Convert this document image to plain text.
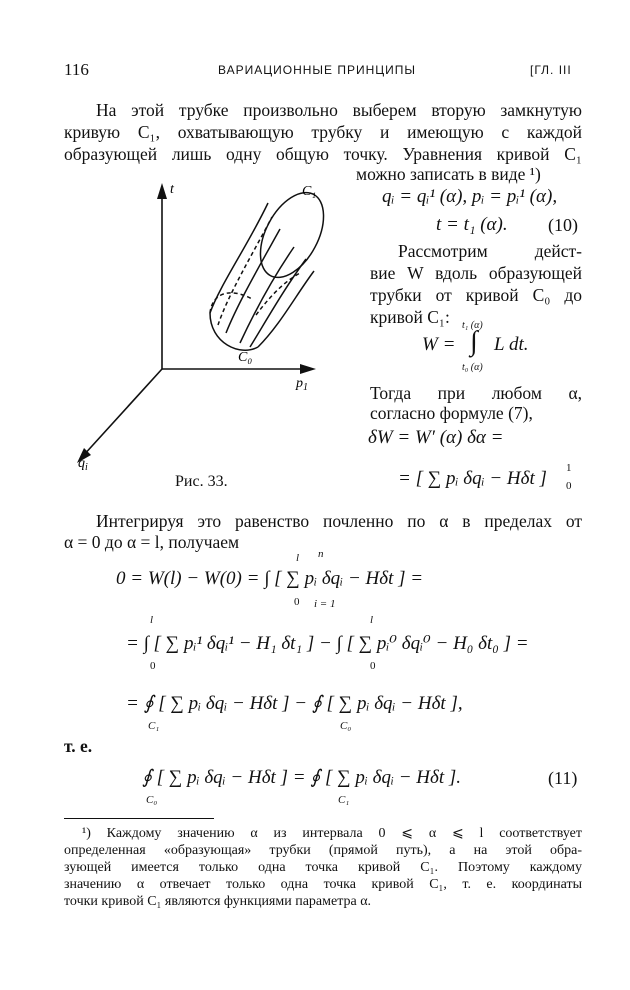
116	ВАРИАЦИОННЫЕ ПРИНЦИПЫ	[ГЛ. III
На этой трубке произвольно выберем вторую замкнутую
кривую C₁, охватывающую трубку и имеющую с каждой
образующей лишь одну общую точку. Уравнения кривой C₁
можно записать в виде ¹)
t
$p_1$
$q_i$
C₁
C₀
Рис. 33.
qᵢ = qᵢ¹ (α), pᵢ = pᵢ¹ (α),
t = t₁ (α). (10)
Рассмотрим дейст-
вие W вдоль образующей
трубки от кривой C₀ до
кривой C₁:
W =
t₁ (α)
∫
t₀ (α)
L dt.
Тогда при любом α,
согласно формуле (7),
δW = W′ (α) δα =
= [ ∑ pᵢ δqᵢ − Hδt ] 1
0
Интегрируя это равенство почленно по α в пределах от
α = 0 до α = l, получаем
0 = W(l) − W(0) = ∫ [ ∑ pᵢ δqᵢ − Hδt ] =
l
0
n
i = 1
= ∫ [ ∑ pᵢ¹ δqᵢ¹ − H₁ δt₁ ] − ∫ [ ∑ pᵢ⁰ δqᵢ⁰ − H₀ δt₀ ] =
l
0
l
0
= ∮ [ ∑ pᵢ δqᵢ − Hδt ] − ∮ [ ∑ pᵢ δqᵢ − Hδt ],
C₁	C₀
т. е.
∮ [ ∑ pᵢ δqᵢ − Hδt ] = ∮ [ ∑ pᵢ δqᵢ − Hδt ].
C₀	C₁
(11)
¹) Каждому значению α из интервала 0 ⩽ α ⩽ l соответствует
определенная «образующая» трубки (прямой путь), а на этой обра-
зующей имеется только одна точка кривой C₁. Поэтому каждому
значению α отвечает только одна точка кривой C₁, т. е. координаты
точки кривой C₁ являются функциями параметра α.
